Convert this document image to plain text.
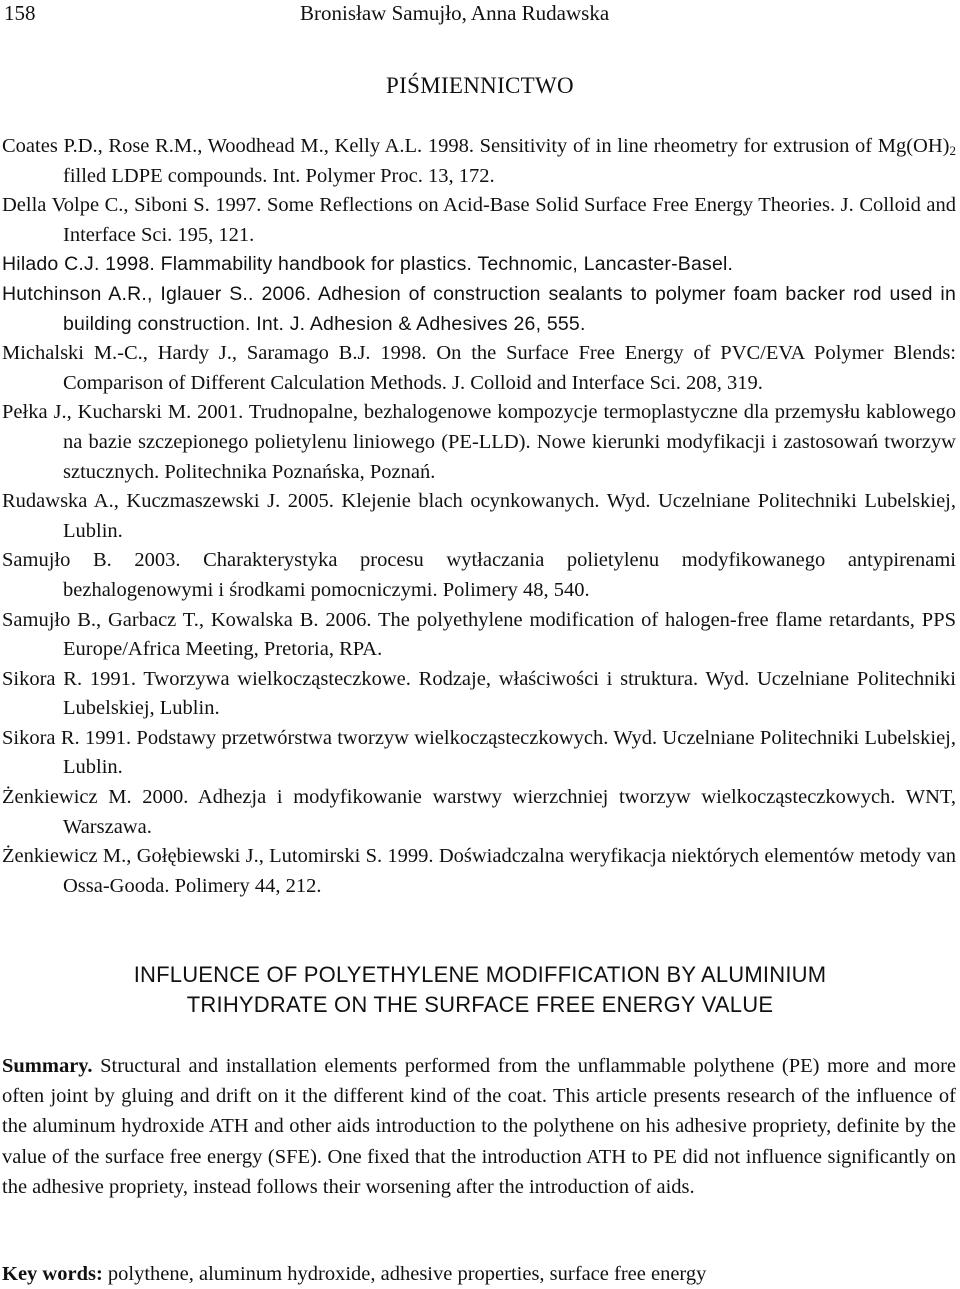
158	Bronisław Samujło, Anna Rudawska
PIŚMIENNICTWO
Coates P.D., Rose R.M., Woodhead M., Kelly A.L. 1998. Sensitivity of in line rheometry for extrusion of $Mg(OH)_2$ filled LDPE compounds. Int. Polymer Proc. 13, 172.
Della Volpe C., Siboni S. 1997. Some Reflections on Acid-Base Solid Surface Free Energy Theories. J. Colloid and Interface Sci. 195, 121.
Hilado C.J. 1998. Flammability handbook for plastics. Technomic, Lancaster-Basel.
Hutchinson A.R., Iglauer S.. 2006. Adhesion of construction sealants to polymer foam backer rod used in building construction. Int. J. Adhesion & Adhesives 26, 555.
Michalski M.-C., Hardy J., Saramago B.J. 1998. On the Surface Free Energy of PVC/EVA Polymer Blends: Comparison of Different Calculation Methods. J. Colloid and Interface Sci. 208, 319.
Pełka J., Kucharski M. 2001. Trudnopalne, bezhalogenowe kompozycje termoplastyczne dla przemysłu kablowego na bazie szczepionego polietylenu liniowego (PE-LLD). Nowe kierunki modyfikacji i zastosowań tworzyw sztucznych. Politechnika Poznańska, Poznań.
Rudawska A., Kuczmaszewski J. 2005. Klejenie blach ocynkowanych. Wyd. Uczelniane Politechniki Lubelskiej, Lublin.
Samujło B. 2003. Charakterystyka procesu wytłaczania polietylenu modyfikowanego antypirenami bezhalogenowymi i środkami pomocniczymi. Polimery 48, 540.
Samujło B., Garbacz T., Kowalska B. 2006. The polyethylene modification of halogen-free flame retardants, PPS Europe/Africa Meeting, Pretoria, RPA.
Sikora R. 1991. Tworzywa wielkocząsteczkowe. Rodzaje, właściwości i struktura. Wyd. Uczelniane Politechniki Lubelskiej, Lublin.
Sikora R. 1991. Podstawy przetwórstwa tworzyw wielkocząsteczkowych. Wyd. Uczelniane Politechniki Lubelskiej, Lublin.
Żenkiewicz M. 2000. Adhezja i modyfikowanie warstwy wierzchniej tworzyw wielkocząsteczkowych. WNT, Warszawa.
Żenkiewicz M., Gołębiewski J., Lutomirski S. 1999. Doświadczalna weryfikacja niektórych elementów metody van Ossa-Gooda. Polimery 44, 212.
INFLUENCE OF POLYETHYLENE MODIFFICATION BY ALUMINIUM
TRIHYDRATE ON THE SURFACE FREE ENERGY VALUE
Summary. Structural and installation elements performed from the unflammable polythene (PE) more and more often joint by gluing and drift on it the different kind of the coat. This article presents research of the influence of the aluminum hydroxide ATH and other aids introduction to the polythene on his adhesive propriety, definite by the value of the surface free energy (SFE). One fixed that the introduction ATH to PE did not influence significantly on the adhesive propriety, instead follows their worsening after the introduction of aids.
Key words: polythene, aluminum hydroxide, adhesive properties, surface free energy
